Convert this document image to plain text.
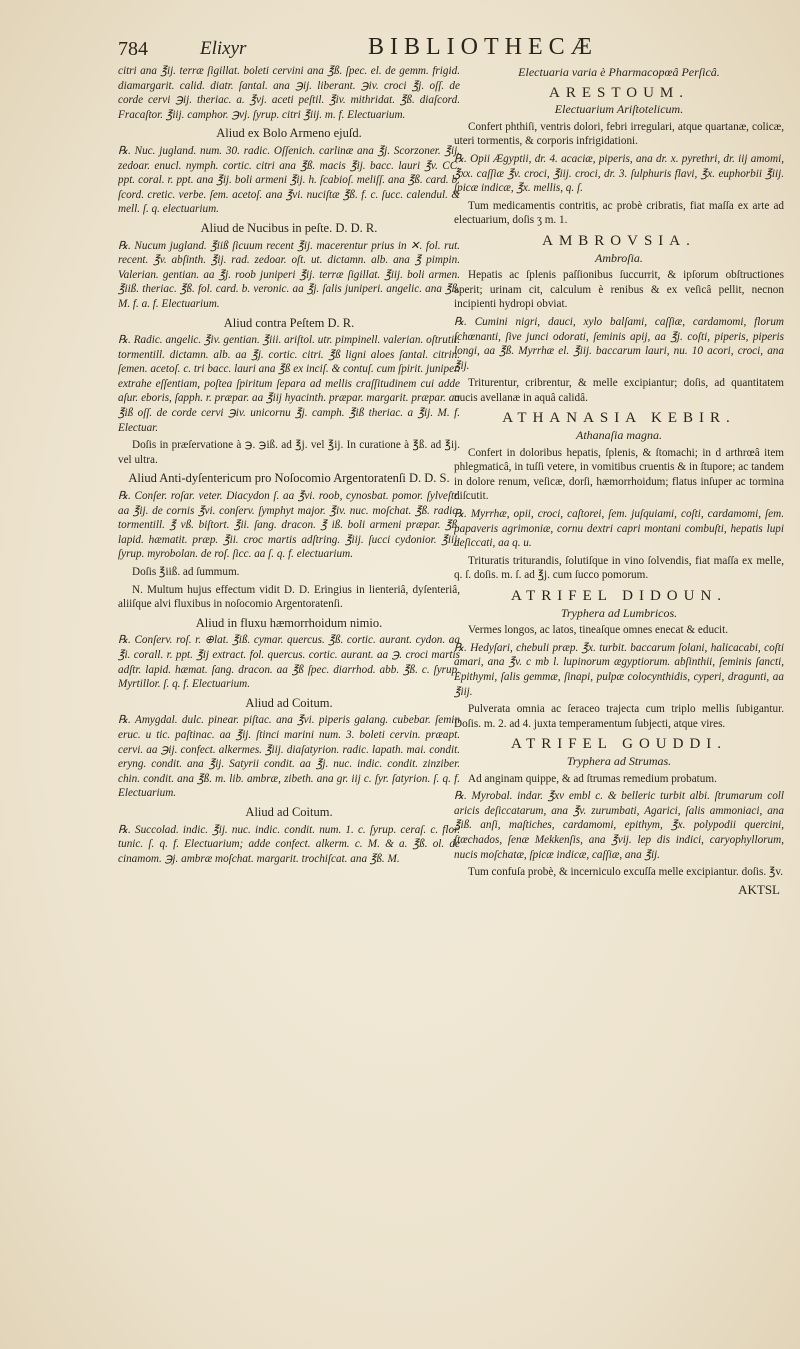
784	Elixyr	BIBLIOTHECÆ
citri ana ℥ij. terræ ſigillat. boleti cervini ana ℥ß. ſpec. el. de gemm. frigid. diamargarit. calid. diatr. ſantal. ana ℈ij. liberant. ℈iv. croci ℥j. oſſ. de corde cervi ℈ij. theriac. a. ℥vj. aceti peſtil. ℥iv. mithridat. ℥ß. diaſcord. Fracaſtor. ℥iij. camphor. ℈vj. ſyrup. citri ℥iij. m. f. Electuarium.
Aliud ex Bolo Armeno ejuſd.
℞. Nuc. jugland. num. 30. radic. Oſſenich. carlinæ ana ℥j. Scorzoner. ℥ij. zedoar. enucl. nymph. cortic. citri ana ℥ß. macis ℥ij. bacc. lauri ℥v. CC. ppt. coral. r. ppt. ana ℥ij. boli armeni ℥ij. h. ſcabioſ. meliſſ. ana ℥ß. card. b. ſcord. cretic. verbe. ſem. acetoſ. ana ℥vi. nuciſtæ ℥ß. f. c. ſucc. calendul. & mell. ſ. q. electuarium.
Aliud de Nucibus in peſte. D. D. R.
℞. Nucum jugland. ℥iiß ſicuum recent ℥ij. macerentur prius in ✕. fol. rut. recent. ℥v. abſinth. ℥ij. rad. zedoar. oſt. ut. dictamn. alb. ana ℥ pimpin. Valerian. gentian. aa ℥j. roob juniperi ℥ij. terræ ſigillat. ℥iij. boli armen. ℥iiß. theriac. ℥ß. fol. card. b. veronic. aa ℥j. ſalis juniperi. angelic. ana ℥ß. M. f. a. f. Electuarium.
Aliud contra Peſtem D. R.
℞. Radic. angelic. ℥iv. gentian. ℥iii. ariſtol. utr. pimpinell. valerian. oſtrutii. tormentill. dictamn. alb. aa ℥j. cortic. citri. ℥ß ligni aloes ſantal. citrin. ſemen. acetoſ. c. tri bacc. lauri ana ℥ß ex inciſ. & contuſ. cum ſpirit. juniper. extrahe eſſentiam, poſtea ſpiritum ſepara ad mellis craſſitudinem cui adde aſur. eboris, ſapph. r. præpar. aa ℥iij hyacinth. præpar. margarit. præpar. aa ℥iß oſſ. de corde cervi ℈iv. unicornu ℥j. camph. ℥iß theriac. a ℥ij. M. f. Electuar.
Doſis in præſervatione à ℈. ℈iß. ad ℥j. vel ℥ij. In curatione à ℥ß. ad ℥ij. vel ultra.
Aliud Anti-dyſentericum pro Noſocomio Argentoratenſi D. D. S.
℞. Conſer. roſar. veter. Diacydon ſ. aa ℥vi. roob, cynosbat. pomor. ſylveſtr. aa ℥ij. de cornis ℥vi. conſerv. ſymphyt major. ℥iv. nuc. moſchat. ℥ß. radic. tormentill. ℥ vß. biſtort. ℥ii. ſang. dracon. ℥ iß. boli armeni præpar. ℥ß. lapid. hæmatit. præp. ℥ii. croc martis adſtring. ℥iij. ſucci cydonior. ℥iij. ſyrup. myrobolan. de roſ. ſicc. aa ſ. q. f. electuarium.
Doſis ℥iiß. ad ſummum.
N. Multum hujus effectum vidit D. D. Eringius in lienteriâ, dyſenteriâ, aliiſque alvi fluxibus in noſocomio Argentoratenſi.
Aliud in fluxu hæmorrhoidum nimio.
℞. Conſerv. roſ. r. ⊕lat. ℥iß. cymar. quercus. ℥ß. cortic. aurant. cydon. aa ℥i. corall. r. ppt. ℥ij extract. fol. quercus. cortic. aurant. aa ℈. croci martis adſtr. lapid. hæmat. ſang. dracon. aa ℥ß ſpec. diarrhod. abb. ℥ß. c. ſyrup. Myrtillor. ſ. q. f. Electuarium.
Aliud ad Coitum.
℞. Amygdal. dulc. pinear. piſtac. ana ℥vi. piperis galang. cubebar. ſemin eruc. u tic. paſtinac. aa ℥ij. ſtinci marini num. 3. boleti cervin. præapt. cervi. aa ℈ij. confect. alkermes. ℥iij. diaſatyrion. radic. lapath. mai. condit. eryng. condit. ana ℥ij. Satyrii condit. aa ℥j. nuc. indic. condit. zinziber. chin. condit. ana ℥ß. m. lib. ambræ, zibeth. ana gr. iij c. ſyr. ſatyrion. ſ. q. f. Electuarium.
Aliud ad Coitum.
℞. Succolad. indic. ℥ij. nuc. indic. condit. num. 1. c. ſyrup. ceraſ. c. flor. tunic. ſ. q. f. Electuarium; adde confect. alkerm. c. M. & a. ℥ß. ol. de cinamom. ℈j. ambræ moſchat. margarit. trochiſcat. ana ℥ß. M.
Electuaria varia è Pharmacopœâ Perſicâ.
ARESTOUM.
Electuarium Ariſtotelicum.
Confert phthiſi, ventris dolori, febri irregulari, atque quartanæ, colicæ, uteri tormentis, & corporis infrigidationi.
℞. Opii Ægyptii, dr. 4. acaciæ, piperis, ana dr. x. pyrethri, dr. iij amomi, ℥xx. caſſiæ ℥v. croci, ℥iij. croci, dr. 3. ſulphuris flavi, ℥x. euphorbii ℥iij. ſpicæ indicæ, ℥x. mellis, q. ſ.
Tum medicamentis contritis, ac probè cribratis, fiat maſſa ex arte ad electuarium, doſis ʒ m. 1.
AMBROVSIA.
Ambroſia.
Hepatis ac ſplenis paſſionibus ſuccurrit, & ipſorum obſtructiones aperit; urinam cit, calculum è renibus & ex veſicâ pellit, necnon incipienti hydropi obviat.
℞. Cumini nigri, dauci, xylo balſami, caſſiæ, cardamomi, florum ſchœnanti, ſive junci odorati, ſeminis apij, aa ℥j. coſti, piperis, piperis longi, aa ℥ß. Myrrhæ el. ℥iij. baccarum lauri, nu. 10 acori, croci, ana ℥ij.
Triturentur, cribrentur, & melle excipiantur; doſis, ad quantitatem nucis avellanæ in aquâ calidâ.
ATHANASIA KEBIR.
Athanaſia magna.
Confert in doloribus hepatis, ſplenis, & ſtomachi; in d arthrœâ item phlegmaticâ, in tuſſi vetere, in vomitibus cruentis & in ſtupore; ac tandem in dolore renum, veſicæ, dorſi, hæmorrhoidum; flatus inſuper ac tormina diſcutit.
℞. Myrrhæ, opii, croci, caſtorei, ſem. juſquiami, coſti, cardamomi, ſem. papaveris agrimoniæ, cornu dextri capri montani combuſti, hepatis lupi deſiccati, aa q. u.
Trituratis triturandis, ſolutiſque in vino ſolvendis, fiat maſſa ex melle, q. ſ. doſis. m. ſ. ad ℥j. cum ſucco pomorum.
ATRIFEL DIDOUN.
Tryphera ad Lumbricos.
Vermes longos, ac latos, tineaſque omnes enecat & educit.
℞. Hedyſari, chebuli præp. ℥x. turbit. baccarum ſolani, halicacabi, coſti amari, ana ℥v. c mb l. lupinorum ægyptiorum. abſinthii, ſeminis ſancti, Epithymi, ſalis gemmæ, ſinapi, pulpæ colocynthidis, cyperi, dragunti, aa ℥iij.
Pulverata omnia ac ſeraceo trajecta cum triplo mellis ſubigantur. Doſis. m. 2. ad 4. juxta temperamentum ſubjecti, atque vires.
ATRIFEL GOUDDI.
Tryphera ad Strumas.
Ad anginam quippe, & ad ſtrumas remedium probatum.
℞. Myrobal. indar. ℥xv embl c. & belleric turbit albi. ſtrumarum coll aricis deſiccatarum, ana ℥v. zurumbati, Agarici, ſalis ammoniaci, ana ℥iß. anſi, maſtiches, cardamomi, epithym, ℥x. polypodii quercini, ſtœchados, ſenæ Mekkenſis, ana ℥vij. lep dis indici, caryophyllorum, nucis moſchatæ, ſpicæ indicæ, caſſiæ, ana ℥ij.
Tum confuſa probè, & incerniculo excuſſa melle excipiantur. doſis. ℥v.
AKTSL
